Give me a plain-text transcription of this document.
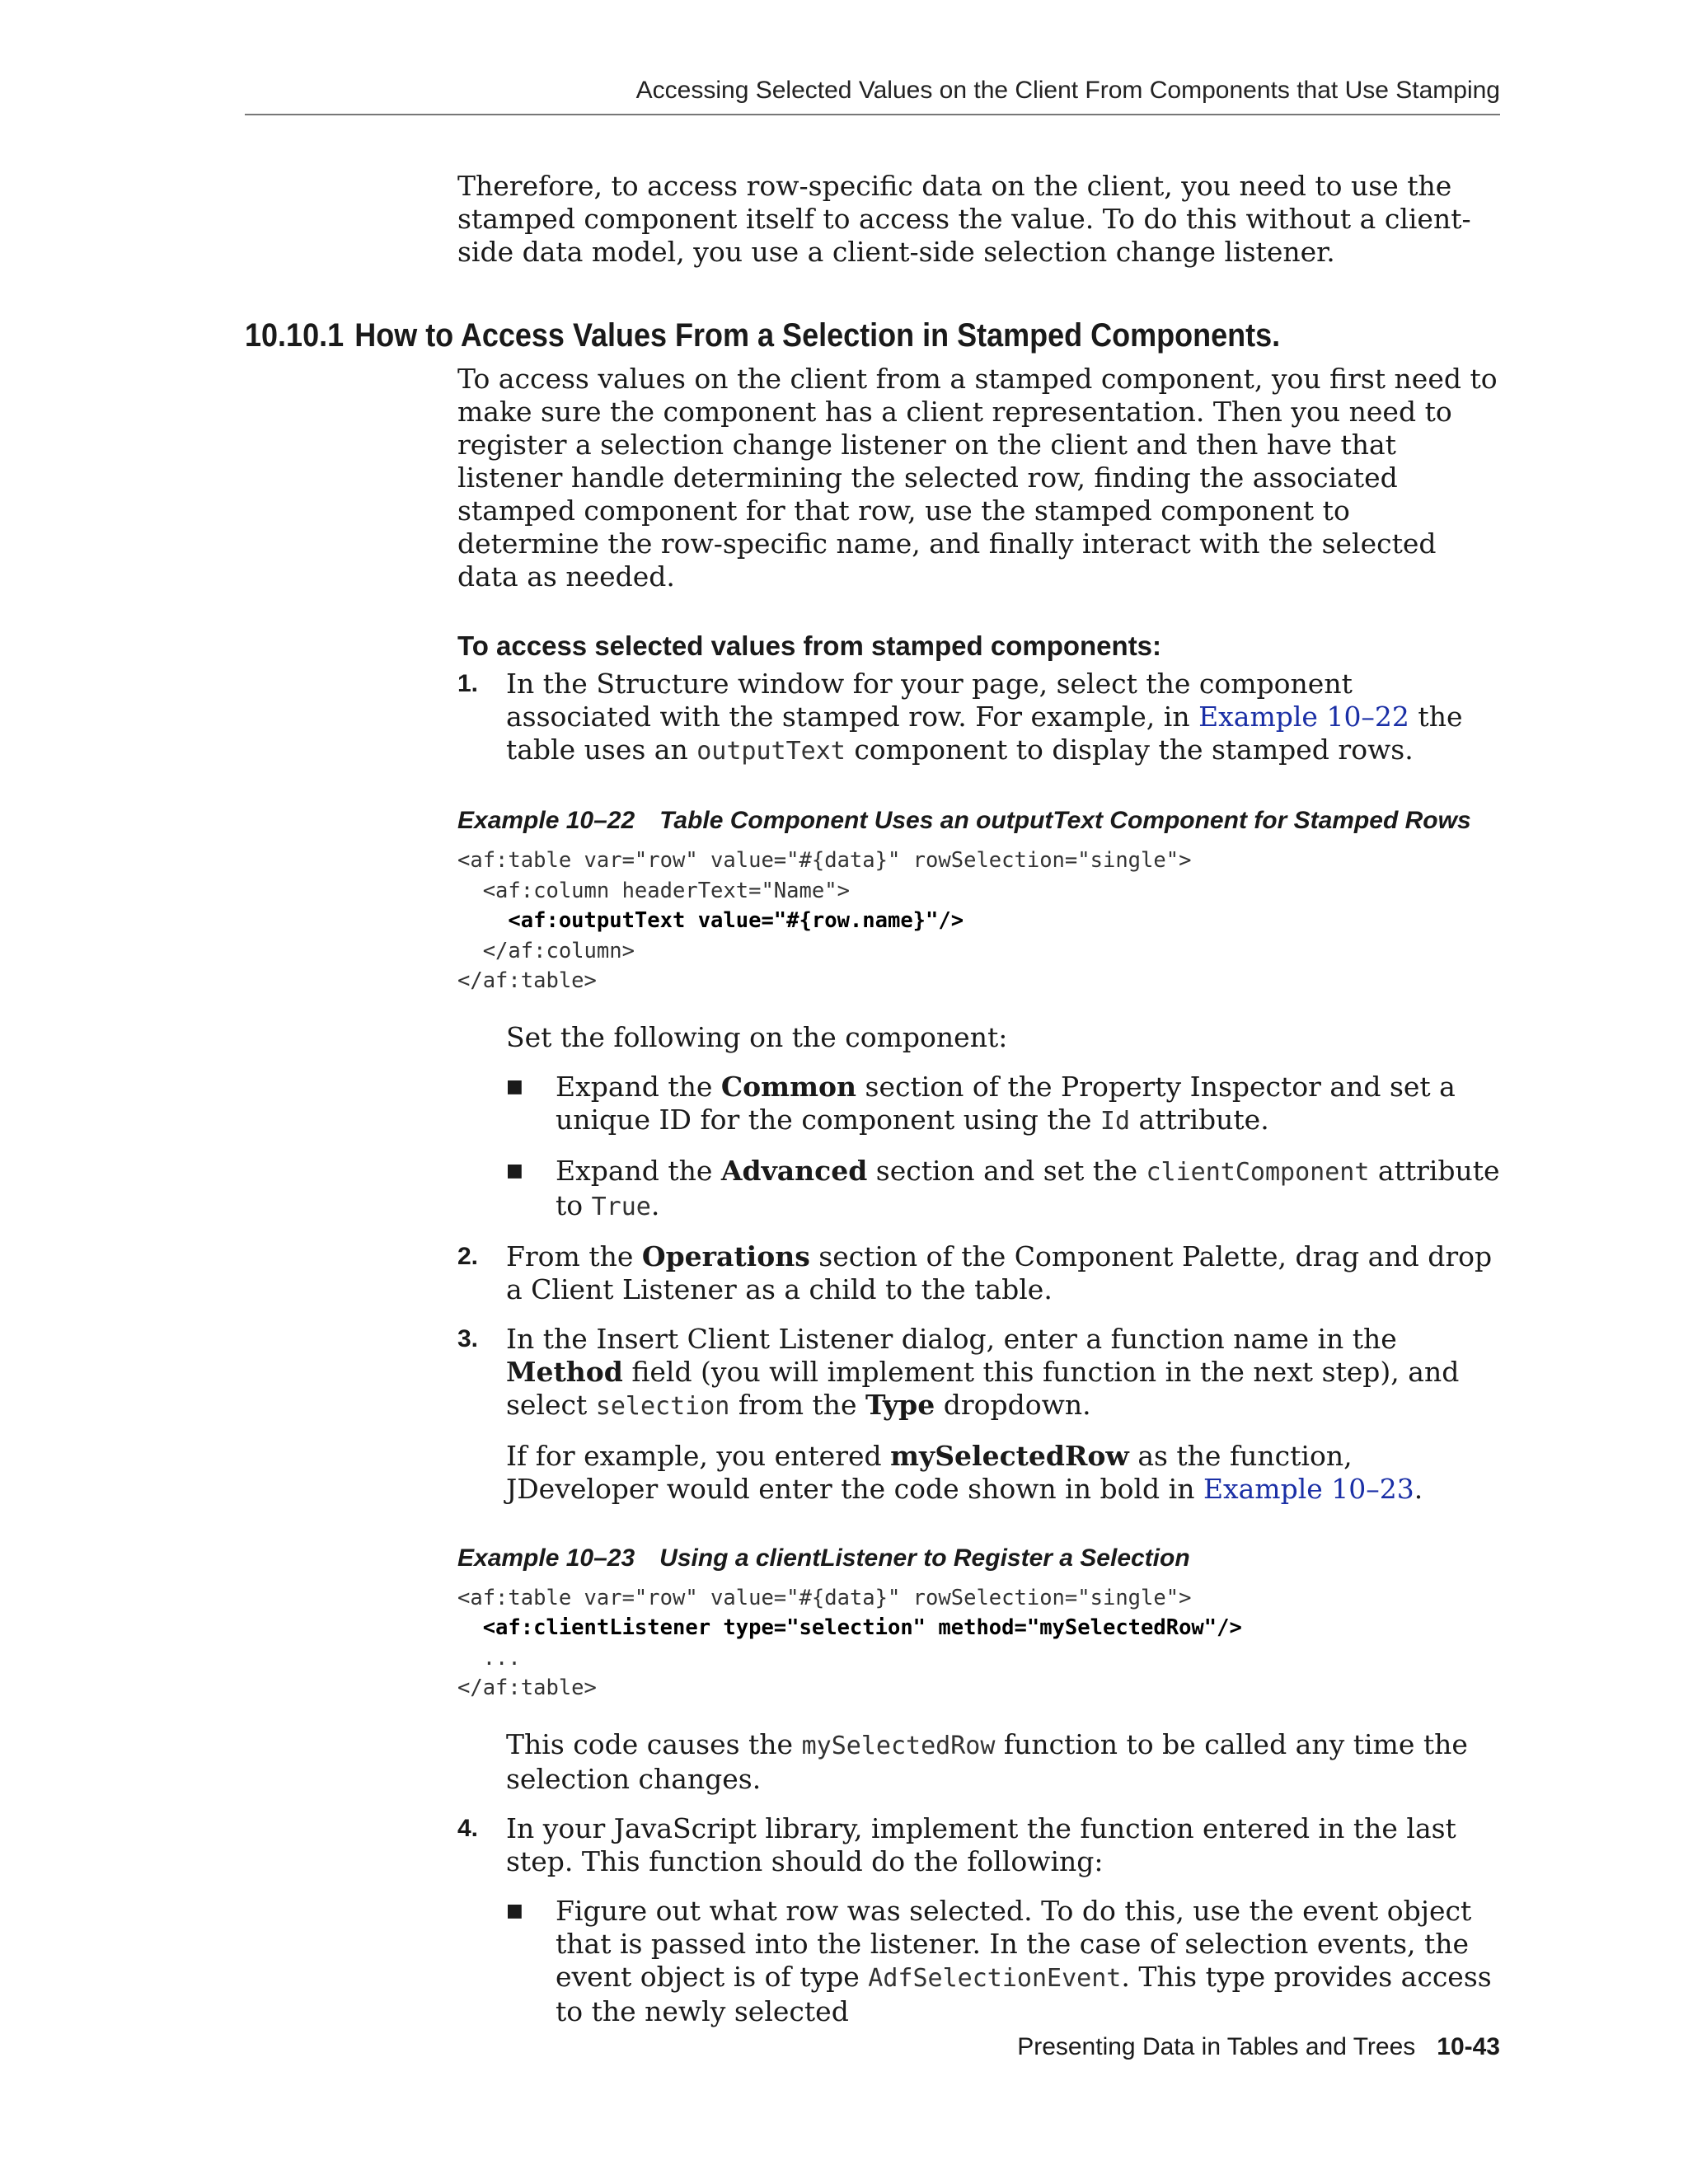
Accessing Selected Values on the Client From Components that Use Stamping

Therefore, to access row-specific data on the client, you need to use the stamped component itself to access the value. To do this without a client-side data model, you use a client-side selection change listener.

10.10.1 How to Access Values From a Selection in Stamped Components.

To access values on the client from a stamped component, you first need to make sure the component has a client representation. Then you need to register a selection change listener on the client and then have that listener handle determining the selected row, finding the associated stamped component for that row, use the stamped component to determine the row-specific name, and finally interact with the selected data as needed.

To access selected values from stamped components:
1. In the Structure window for your page, select the component associated with the stamped row. For example, in Example 10–22 the table uses an outputText component to display the stamped rows.

Example 10–22 Table Component Uses an outputText Component for Stamped Rows
<af:table var="row" value="#{data}" rowSelection="single">
<af:column headerText="Name">
<af:outputText value="#{row.name}"/>
</af:column>
</af:table>

Set the following on the component:

■ Expand the Common section of the Property Inspector and set a unique ID for the component using the Id attribute.

■ Expand the Advanced section and set the clientComponent attribute to True.

2. From the Operations section of the Component Palette, drag and drop a Client Listener as a child to the table.

3. In the Insert Client Listener dialog, enter a function name in the Method field (you will implement this function in the next step), and select selection from the Type dropdown.

If for example, you entered mySelectedRow as the function, JDeveloper would enter the code shown in bold in Example 10–23.

Example 10–23 Using a clientListener to Register a Selection
<af:table var="row" value="#{data}" rowSelection="single">
<af:clientListener type="selection" method="mySelectedRow"/>
...
</af:table>

This code causes the mySelectedRow function to be called any time the selection changes.

4. In your JavaScript library, implement the function entered in the last step. This function should do the following:

■ Figure out what row was selected. To do this, use the event object that is passed into the listener. In the case of selection events, the event object is of type AdfSelectionEvent. This type provides access to the newly selected

Presenting Data in Tables and Trees 10-43
